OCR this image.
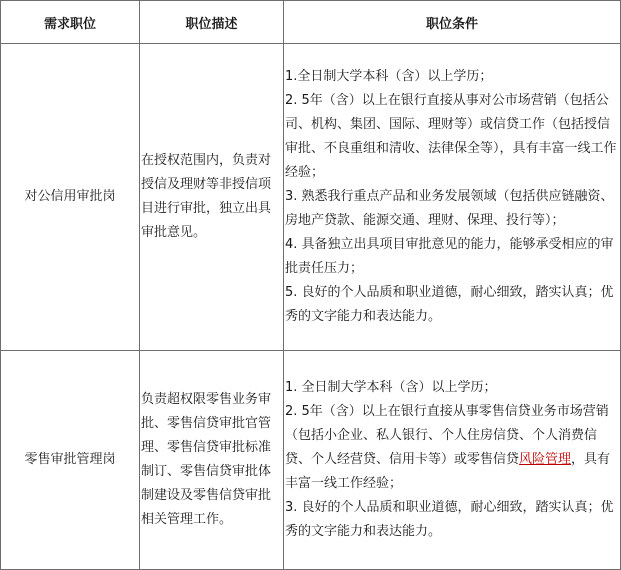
需求职位	职位描述	职位条件
对公信用审批岗	在授权范围内，负责对授信及理财等非授信项目进行审批，独立出具审批意见。	1.全日制大学本科（含）以上学历；
2. 5年（含）以上在银行直接从事对公市场营销（包括公司、机构、集团、国际、理财等）或信贷工作（包括授信审批、不良重组和清收、法律保全等），具有丰富一线工作经验；
3. 熟悉我行重点产品和业务发展领域（包括供应链融资、房地产贷款、能源交通、理财、保理、投行等）；
4. 具备独立出具项目审批意见的能力，能够承受相应的审批责任压力；
5. 良好的个人品质和职业道德，耐心细致，踏实认真；优秀的文字能力和表达能力。

零售审批管理岗	负责超权限零售业务审批、零售信贷审批官管理、零售信贷审批标准制订、零售信贷审批体制建设及零售信贷审批相关管理工作。	1. 全日制大学本科（含）以上学历；
2. 5年（含）以上在银行直接从事零售信贷业务市场营销（包括小企业、私人银行、个人住房信贷、个人消费信贷、个人经营贷、信用卡等）或零售信贷风险管理，具有丰富一线工作经验；
3. 良好的个人品质和职业道德，耐心细致，踏实认真；优秀的文字能力和表达能力。
